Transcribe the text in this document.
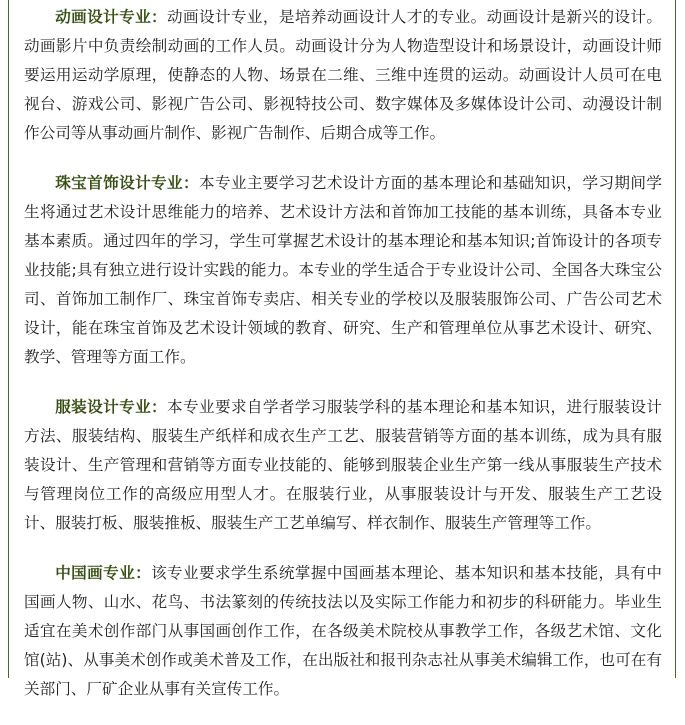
动画设计专业：动画设计专业，是培养动画设计人才的专业。动画设计是新兴的设计。 动画影片中负责绘制动画的工作人员。动画设计分为人物造型设计和场景设计，动画设计师要运用运动学原理，使静态的人物、场景在二维、三维中连贯的运动。动画设计人员可在电视台、游戏公司、影视广告公司、影视特技公司、数字媒体及多媒体设计公司、动漫设计制作公司等从事动画片制作、影视广告制作、后期合成等工作。

珠宝首饰设计专业：本专业主要学习艺术设计方面的基本理论和基础知识，学习期间学生将通过艺术设计思维能力的培养、艺术设计方法和首饰加工技能的基本训练，具备本专业基本素质。通过四年的学习，学生可掌握艺术设计的基本理论和基本知识;首饰设计的各项专业技能;具有独立进行设计实践的能力。本专业的学生适合于专业设计公司、全国各大珠宝公司、首饰加工制作厂、珠宝首饰专卖店、相关专业的学校以及服装服饰公司、广告公司艺术设计，能在珠宝首饰及艺术设计领域的教育、研究、生产和管理单位从事艺术设计、研究、教学、管理等方面工作。

服装设计专业：本专业要求自学者学习服装学科的基本理论和基本知识，进行服装设计方法、服装结构、服装生产纸样和成衣生产工艺、服装营销等方面的基本训练，成为具有服装设计、生产管理和营销等方面专业技能的、能够到服装企业生产第一线从事服装生产技术与管理岗位工作的高级应用型人才。在服装行业，从事服装设计与开发、服装生产工艺设计、服装打板、服装推板、服装生产工艺单编写、样衣制作、服装生产管理等工作。

中国画专业：该专业要求学生系统掌握中国画基本理论、基本知识和基本技能，具有中国画人物、山水、花鸟、书法篆刻的传统技法以及实际工作能力和初步的科研能力。毕业生适宜在美术创作部门从事国画创作工作，在各级美术院校从事教学工作，各级艺术馆、文化馆(站)、从事美术创作或美术普及工作，在出版社和报刊杂志社从事美术编辑工作，也可在有关部门、厂矿企业从事有关宣传工作。
